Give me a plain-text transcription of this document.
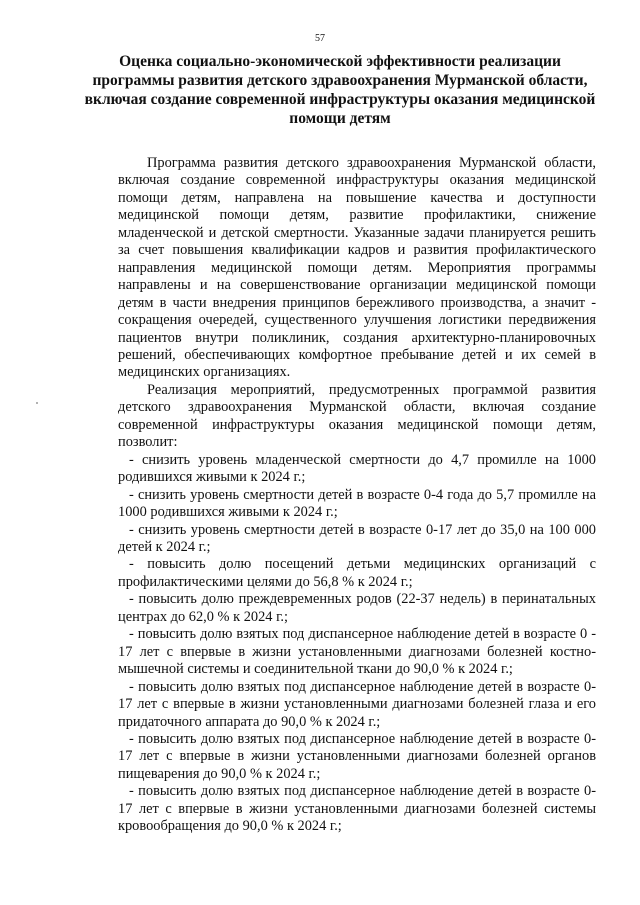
57
Оценка социально-экономической эффективности реализации
программы развития детского здравоохранения Мурманской области,
включая создание современной инфраструктуры оказания медицинской
помощи детям

Программа развития детского здравоохранения Мурманской области, включая создание современной инфраструктуры оказания медицинской помощи детям, направлена на повышение качества и доступности медицинской помощи детям, развитие профилактики, снижение младенческой и детской смертности. Указанные задачи планируется решить за счет повышения квалификации кадров и развития профилактического направления медицинской помощи детям. Мероприятия программы направлены и на совершенствование организации медицинской помощи детям в части внедрения принципов бережливого производства, а значит - сокращения очередей, существенного улучшения логистики передвижения пациентов внутри поликлиник, создания архитектурно-планировочных решений, обеспечивающих комфортное пребывание детей и их семей в медицинских организациях.

Реализация мероприятий, предусмотренных программой развития детского здравоохранения Мурманской области, включая создание современной инфраструктуры оказания медицинской помощи детям, позволит:

- снизить уровень младенческой смертности до 4,7 промилле на 1000 родившихся живыми к 2024 г.;

- снизить уровень смертности детей в возрасте 0-4 года до 5,7 промилле на 1000 родившихся живыми к 2024 г.;

- снизить уровень смертности детей в возрасте 0-17 лет до 35,0 на 100 000 детей к 2024 г.;

- повысить долю посещений детьми медицинских организаций с профилактическими целями до 56,8 % к 2024 г.;

- повысить долю преждевременных родов (22-37 недель) в перинатальных центрах до 62,0 % к 2024 г.;

- повысить долю взятых под диспансерное наблюдение детей в возрасте 0 - 17 лет с впервые в жизни установленными диагнозами болезней костно-мышечной системы и соединительной ткани до 90,0 % к 2024 г.;

- повысить долю взятых под диспансерное наблюдение детей в возрасте 0-17 лет с впервые в жизни установленными диагнозами болезней глаза и его придаточного аппарата до 90,0 % к 2024 г.;

- повысить долю взятых под диспансерное наблюдение детей в возрасте 0-17 лет с впервые в жизни установленными диагнозами болезней органов пищеварения до 90,0 % к 2024 г.;

- повысить долю взятых под диспансерное наблюдение детей в возрасте 0-17 лет с впервые в жизни установленными диагнозами болезней системы кровообращения до 90,0 % к 2024 г.;
